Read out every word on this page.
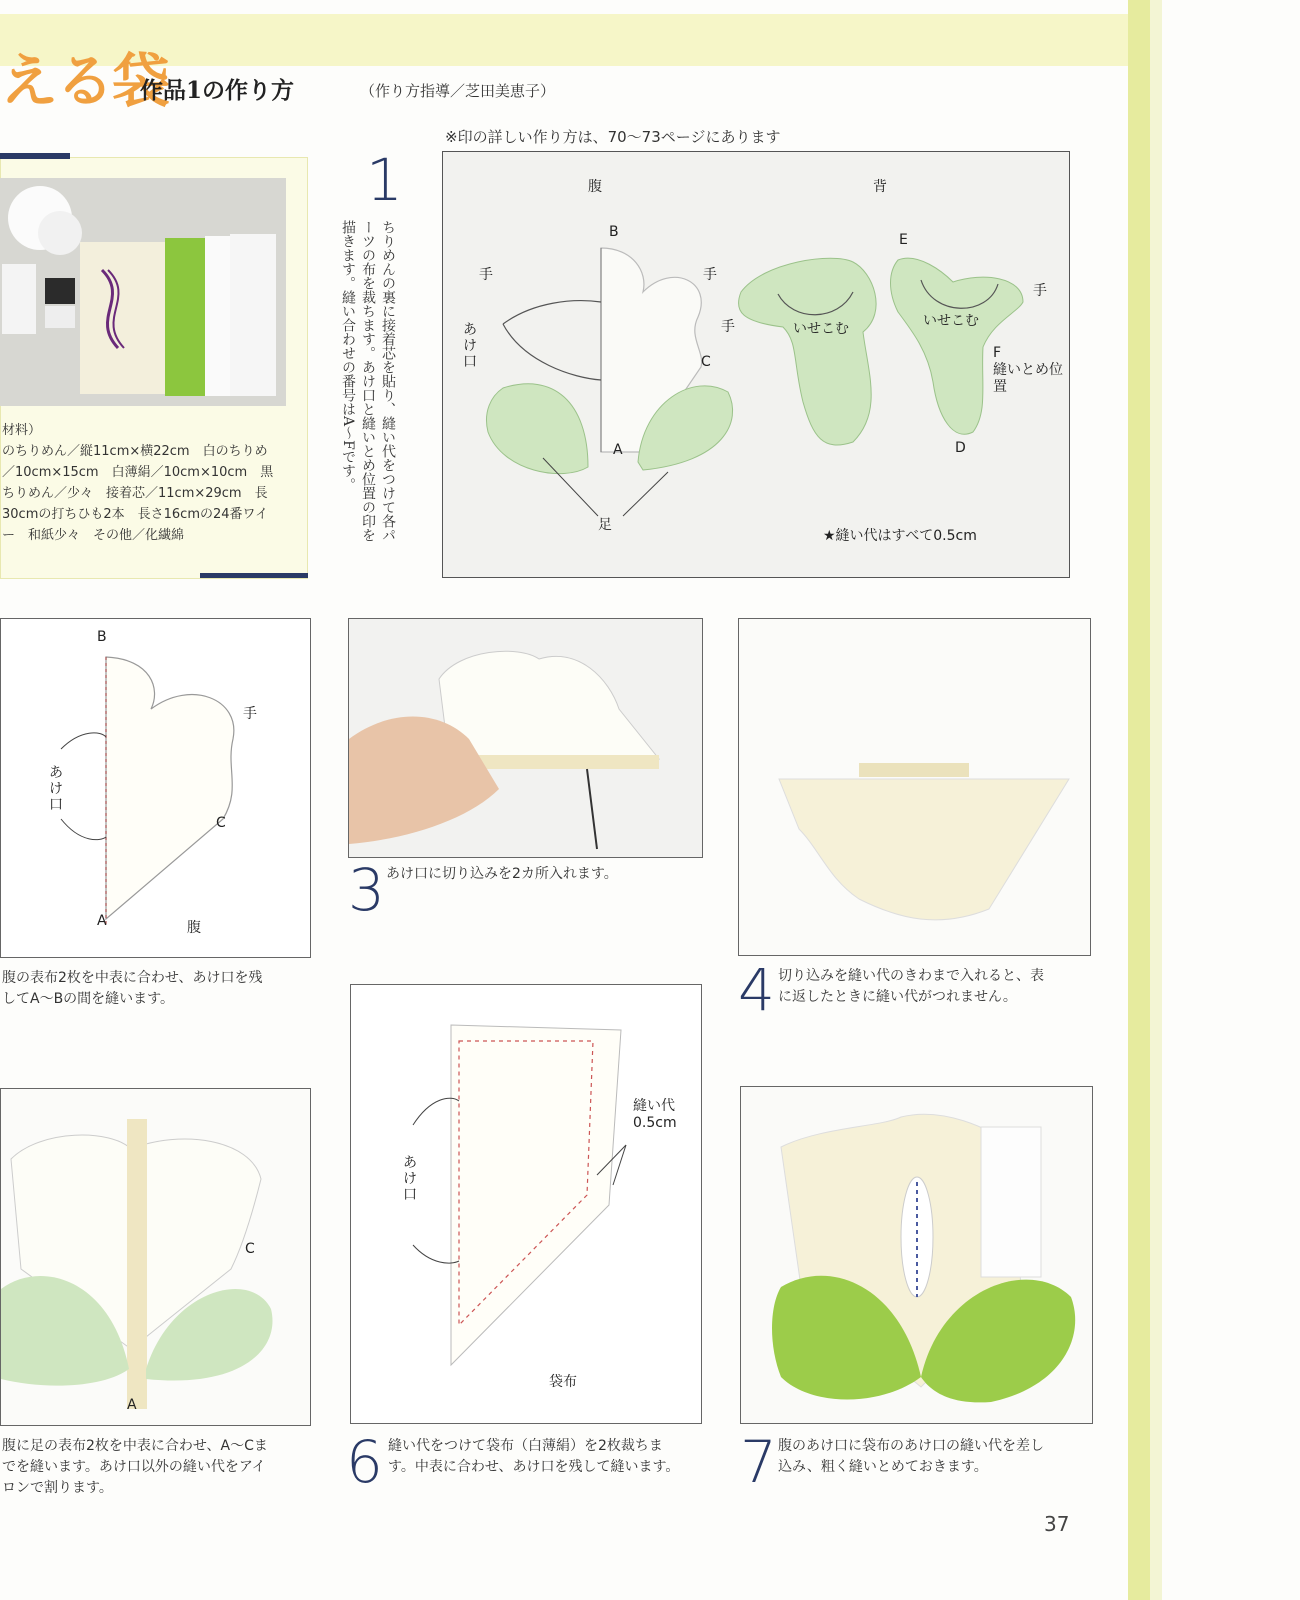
える袋
作品1の作り方	（作り方指導／芝田美恵子）
※印の詳しい作り方は、70〜73ページにあります
材料）
のちりめん／縦11cm×横22cm　白のちりめ
／10cm×15cm　白薄絹／10cm×10cm　黒
ちりめん／少々　接着芯／11cm×29cm　長
30cmの打ちひも2本　長さ16cmの24番ワイ
ー　和紙少々　その他／化繊綿
1
ちりめんの裏に接着芯を貼り、縫い代をつけて各パーツの布を裁ちます。あけ口と縫いとめ位置の印を描きます。縫い合わせの番号はA〜Fです。
腹	背
B
A
C
E
D
F
手	手
手
手
あけ口
いせこむ	いせこむ
縫いとめ位置
足
★縫い代はすべて0.5cm
B
A
C
手
あけ口
腹
腹の表布2枚を中表に合わせ、あけ口を残
してA〜Bの間を縫います。
3 あけ口に切り込みを2カ所入れます。
4 切り込みを縫い代のきわまで入れると、表
に返したときに縫い代がつれません。
C
A
腹に足の表布2枚を中表に合わせ、A〜Cま
でを縫います。あけ口以外の縫い代をアイ
ロンで割ります。
あけ口
縫い代
0.5cm
袋布
6 縫い代をつけて袋布（白薄絹）を2枚裁ちま
す。中表に合わせ、あけ口を残して縫います。	7 腹のあけ口に袋布のあけ口の縫い代を差し
込み、粗く縫いとめておきます。
37
